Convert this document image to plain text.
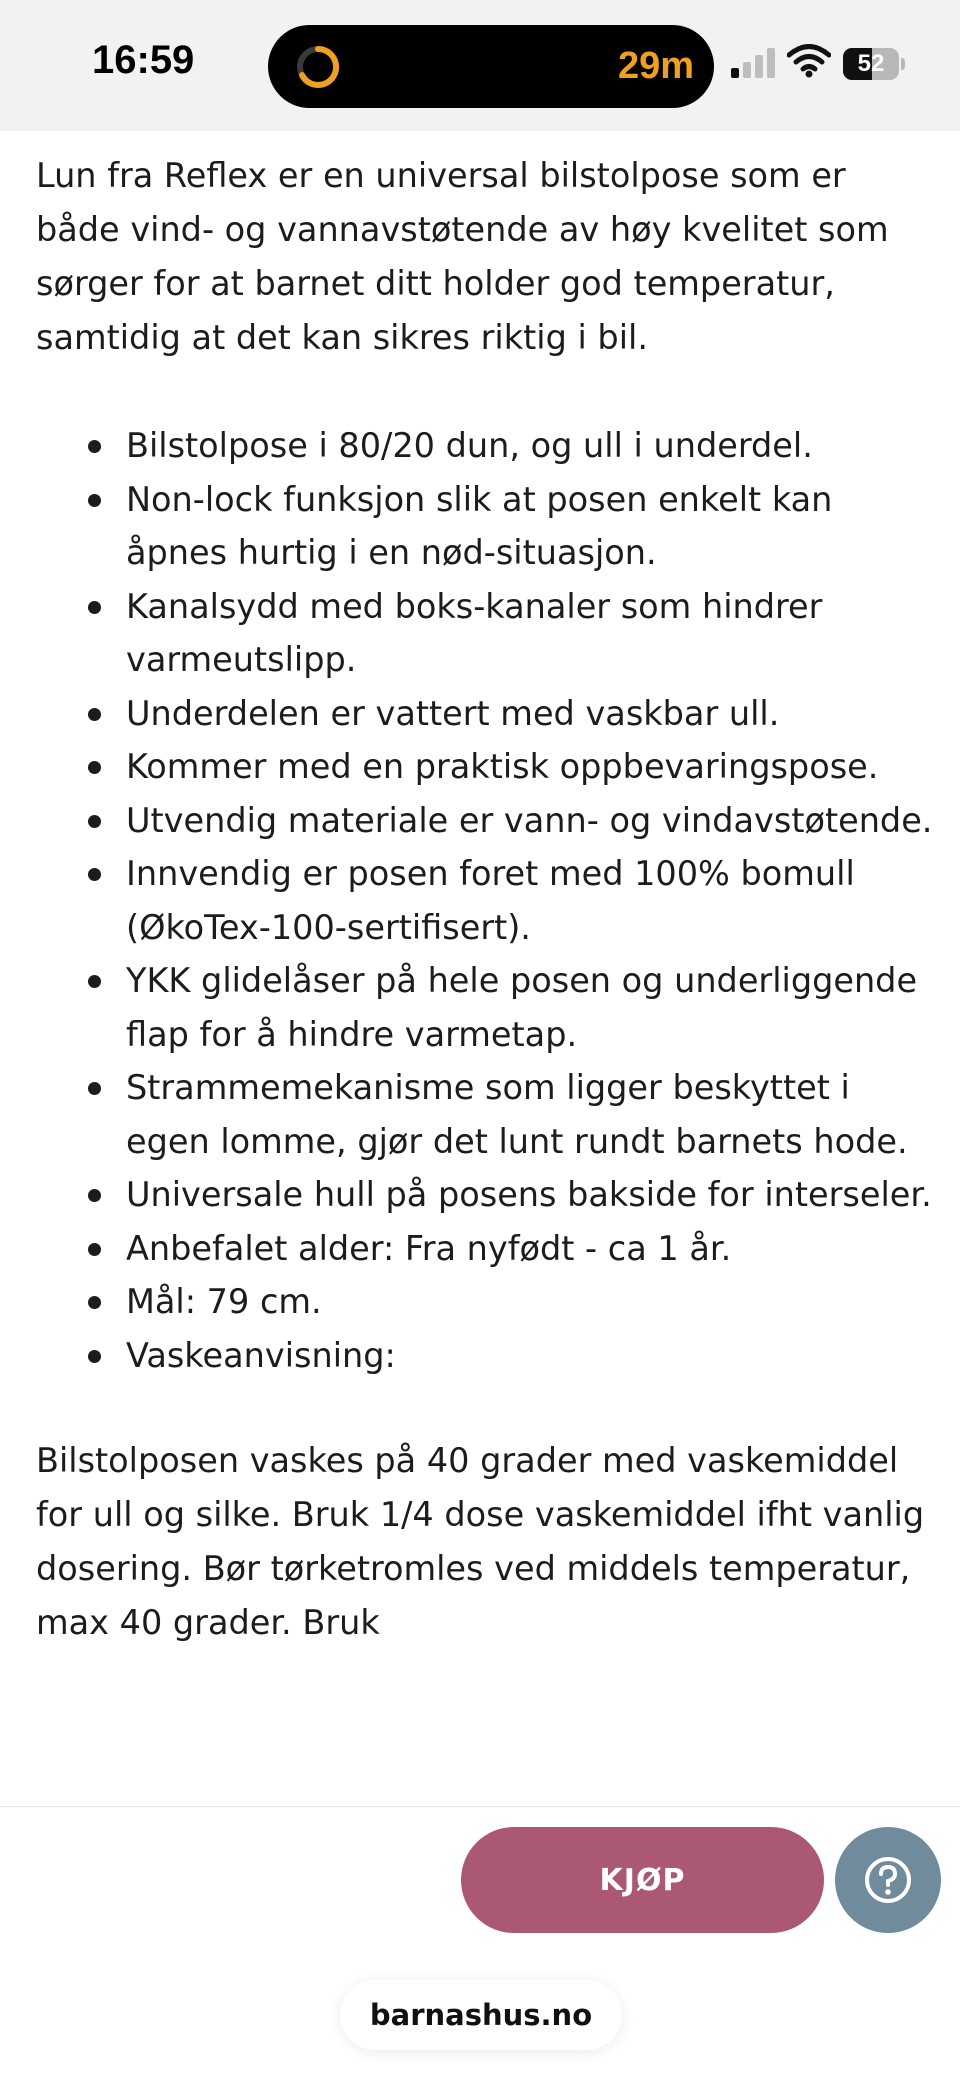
16:59	29m	52

Lun fra Reflex er en universal bilstolpose som er både vind- og vannavstøtende av høy kvelitet som sørger for at barnet ditt holder god temperatur, samtidig at det kan sikres riktig i bil.

Bilstolpose i 80/20 dun, og ull i underdel.
Non-lock funksjon slik at posen enkelt kan åpnes hurtig i en nød-situasjon.
Kanalsydd med boks-kanaler som hindrer varmeutslipp.
Underdelen er vattert med vaskbar ull.
Kommer med en praktisk oppbevaringspose.
Utvendig materiale er vann- og vindavstøtende.
Innvendig er posen foret med 100% bomull (ØkoTex-100-sertifisert).
YKK glidelåser på hele posen og underliggende flap for å hindre varmetap.
Strammemekanisme som ligger beskyttet i egen lomme, gjør det lunt rundt barnets hode.
Universale hull på posens bakside for interseler.
Anbefalet alder: Fra nyfødt - ca 1 år.
Mål: 79 cm.
Vaskeanvisning:

Bilstolposen vaskes på 40 grader med vaskemiddel for ull og silke. Bruk 1/4 dose vaskemiddel ifht vanlig dosering. Bør tørketromles ved middels temperatur, max 40 grader. Bruk

KJØP
barnashus.no
